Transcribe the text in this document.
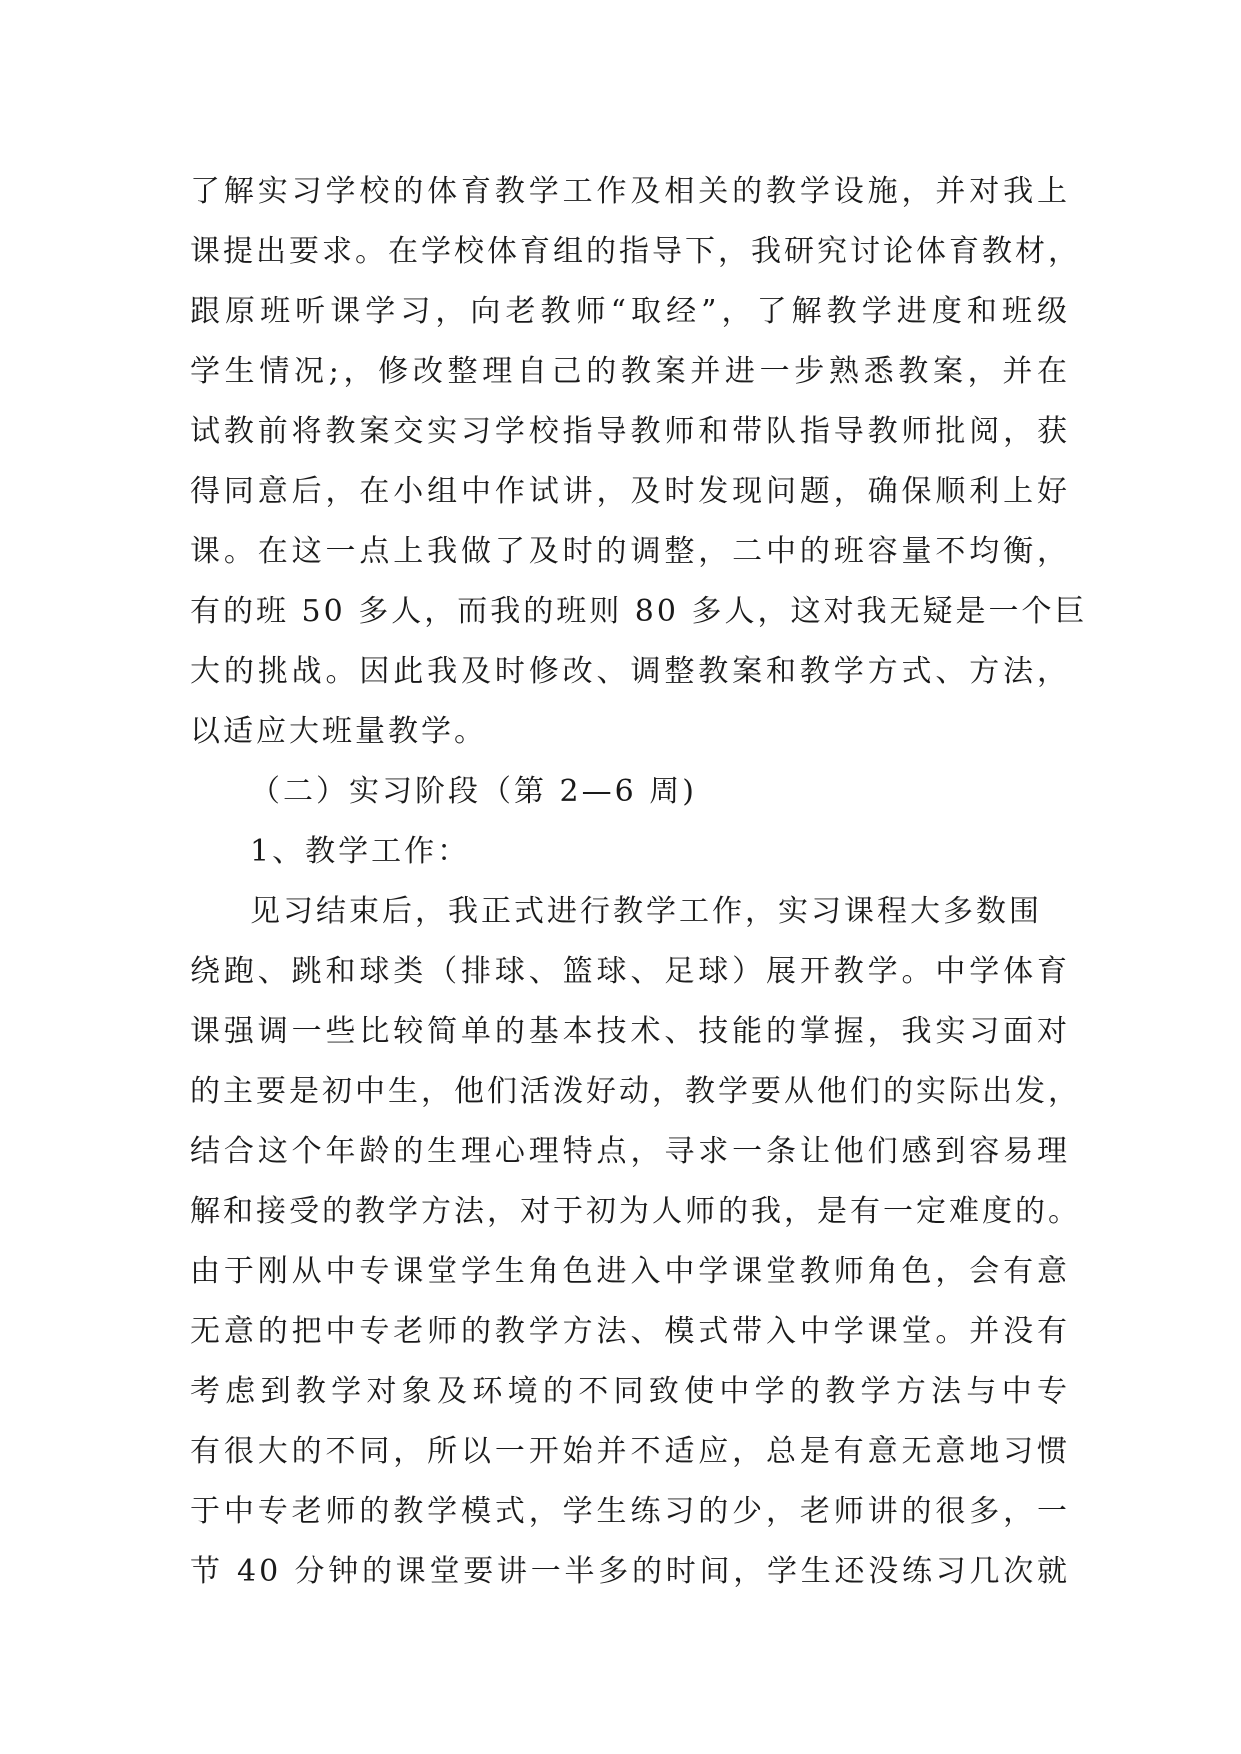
了解实习学校的体育教学工作及相关的教学设施，并对我上
课提出要求。在学校体育组的指导下，我研究讨论体育教材，
跟原班听课学习，向老教师“取经”，了解教学进度和班级
学生情况;，修改整理自己的教案并进一步熟悉教案，并在
试教前将教案交实习学校指导教师和带队指导教师批阅，获
得同意后，在小组中作试讲，及时发现问题，确保顺利上好
课。在这一点上我做了及时的调整，二中的班容量不均衡，
有的班 50 多人，而我的班则 80 多人，这对我无疑是一个巨
大的挑战。因此我及时修改、调整教案和教学方式、方法，
以适应大班量教学。
（二）实习阶段（第 2—6 周)
1、教学工作：
见习结束后，我正式进行教学工作，实习课程大多数围
绕跑、跳和球类（排球、篮球、足球）展开教学。中学体育
课强调一些比较简单的基本技术、技能的掌握，我实习面对
的主要是初中生，他们活泼好动，教学要从他们的实际出发，
结合这个年龄的生理心理特点，寻求一条让他们感到容易理
解和接受的教学方法，对于初为人师的我，是有一定难度的。
由于刚从中专课堂学生角色进入中学课堂教师角色，会有意
无意的把中专老师的教学方法、模式带入中学课堂。并没有
考虑到教学对象及环境的不同致使中学的教学方法与中专
有很大的不同，所以一开始并不适应，总是有意无意地习惯
于中专老师的教学模式，学生练习的少，老师讲的很多，一
节 40 分钟的课堂要讲一半多的时间，学生还没练习几次就
